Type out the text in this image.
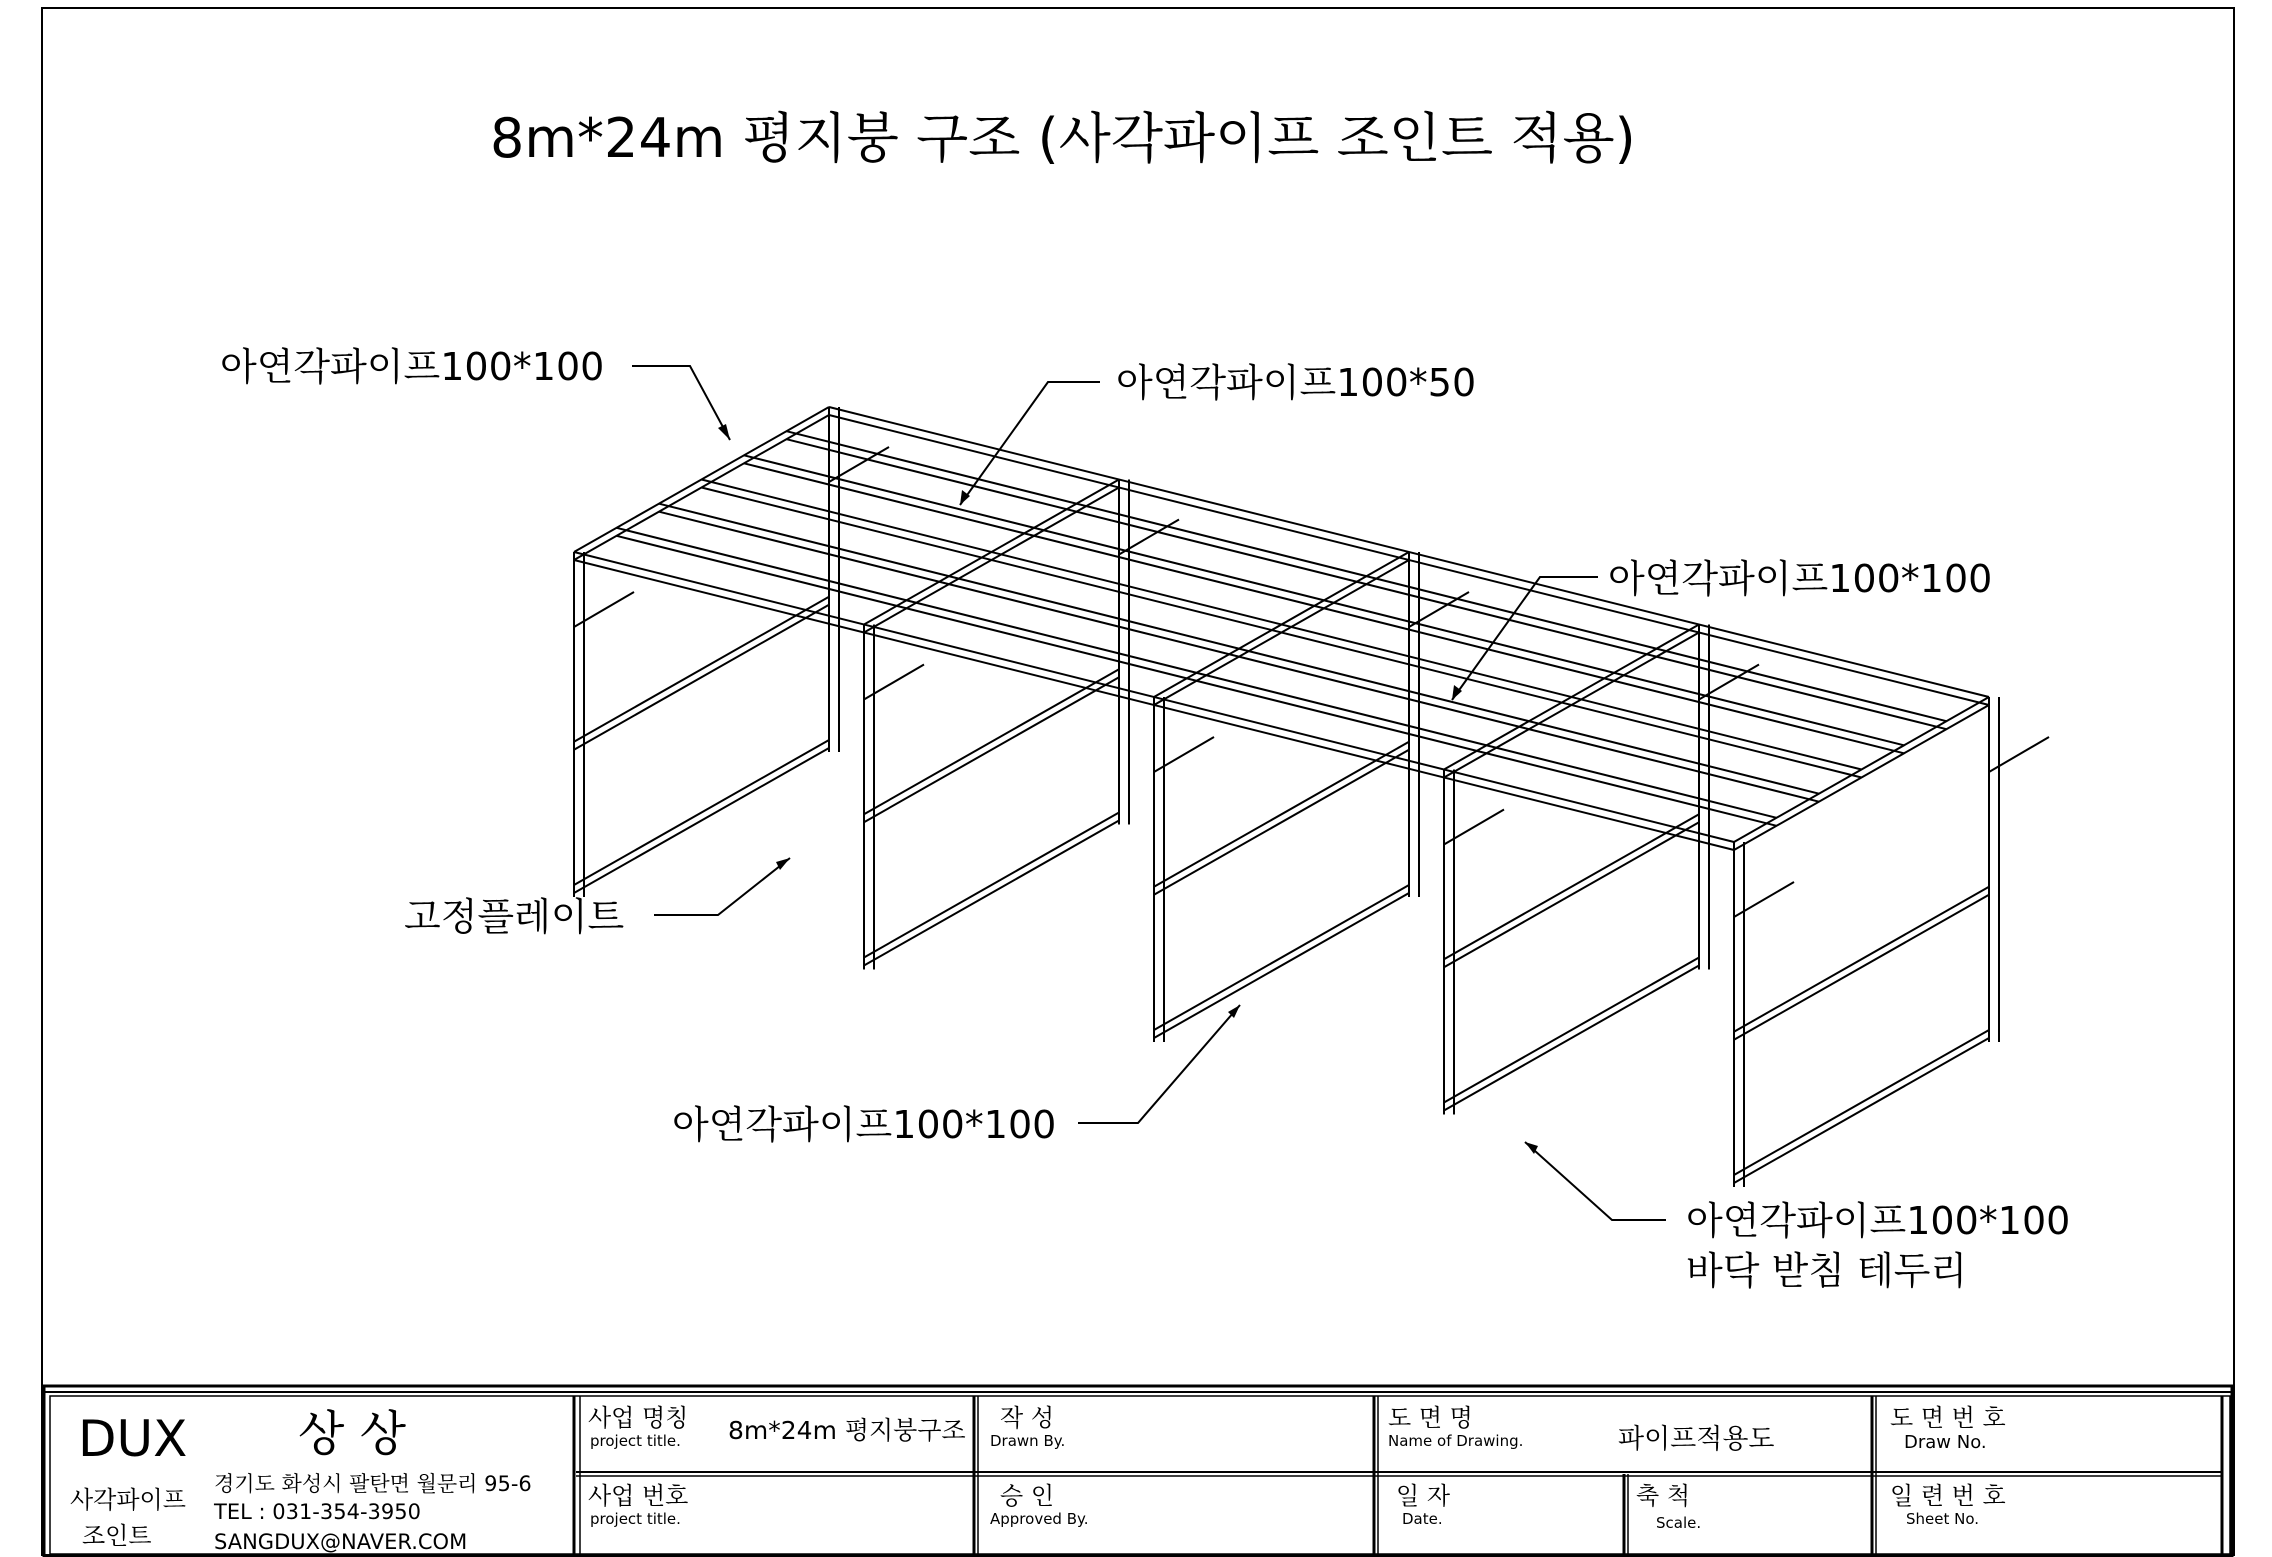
8m*24m 평지붕 구조 (사각파이프 조인트 적용)
아연각파이프100*100	아연각파이프100*50
아연각파이프100*100
고정플레이트
아연각파이프100*100
아연각파이프100*100
바닥 받침 테두리
DUX 상 상
사각파이프
조인트
경기도 화성시 팔탄면 월문리 95-6
TEL : 031-354-3950
SANGDUX@NAVER.COM
사업 명칭
project title. 8m*24m 평지붕구조
사업 번호
project title.
작 성
Drawn By.
승 인
Approved By.
도 면 명
Name of Drawing.	파이프적용도
일 자
Date.
축 척
Scale.
도 면 번 호
Draw No.
일 련 번 호
Sheet No.
